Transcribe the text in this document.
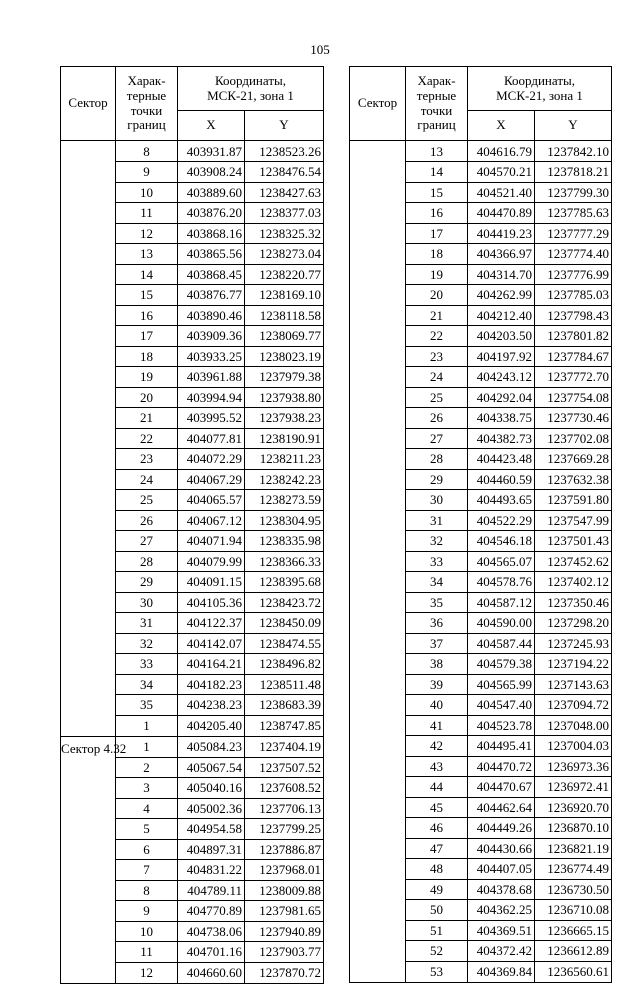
105
Сектор	Харак-
терные
точки
границ	Координаты,
МСК-21, зона 1	
		X	Y
	8	403931.87	1238523.26
	9	403908.24	1238476.54
	10	403889.60	1238427.63
	11	403876.20	1238377.03
	12	403868.16	1238325.32
	13	403865.56	1238273.04
	14	403868.45	1238220.77
	15	403876.77	1238169.10
	16	403890.46	1238118.58
	17	403909.36	1238069.77
	18	403933.25	1238023.19
	19	403961.88	1237979.38
	20	403994.94	1237938.80
	21	403995.52	1237938.23
	22	404077.81	1238190.91
	23	404072.29	1238211.23
	24	404067.29	1238242.23
	25	404065.57	1238273.59
	26	404067.12	1238304.95
	27	404071.94	1238335.98
	28	404079.99	1238366.33
	29	404091.15	1238395.68
	30	404105.36	1238423.72
	31	404122.37	1238450.09
	32	404142.07	1238474.55
	33	404164.21	1238496.82
	34	404182.23	1238511.48
	35	404238.23	1238683.39
	1	404205.40	1238747.85
Сектор 4.32	1	405084.23	1237404.19
	2	405067.54	1237507.52
	3	405040.16	1237608.52
	4	405002.36	1237706.13
	5	404954.58	1237799.25
	6	404897.31	1237886.87
	7	404831.22	1237968.01
	8	404789.11	1238009.88
	9	404770.89	1237981.65
	10	404738.06	1237940.89
	11	404701.16	1237903.77
	12	404660.60	1237870.72
Сектор	Харак-
терные
точки
границ	Координаты,
МСК-21, зона 1	
		X	Y
	13	404616.79	1237842.10
	14	404570.21	1237818.21
	15	404521.40	1237799.30
	16	404470.89	1237785.63
	17	404419.23	1237777.29
	18	404366.97	1237774.40
	19	404314.70	1237776.99
	20	404262.99	1237785.03
	21	404212.40	1237798.43
	22	404203.50	1237801.82
	23	404197.92	1237784.67
	24	404243.12	1237772.70
	25	404292.04	1237754.08
	26	404338.75	1237730.46
	27	404382.73	1237702.08
	28	404423.48	1237669.28
	29	404460.59	1237632.38
	30	404493.65	1237591.80
	31	404522.29	1237547.99
	32	404546.18	1237501.43
	33	404565.07	1237452.62
	34	404578.76	1237402.12
	35	404587.12	1237350.46
	36	404590.00	1237298.20
	37	404587.44	1237245.93
	38	404579.38	1237194.22
	39	404565.99	1237143.63
	40	404547.40	1237094.72
	41	404523.78	1237048.00
	42	404495.41	1237004.03
	43	404470.72	1236973.36
	44	404470.67	1236972.41
	45	404462.64	1236920.70
	46	404449.26	1236870.10
	47	404430.66	1236821.19
	48	404407.05	1236774.49
	49	404378.68	1236730.50
	50	404362.25	1236710.08
	51	404369.51	1236665.15
	52	404372.42	1236612.89
	53	404369.84	1236560.61
